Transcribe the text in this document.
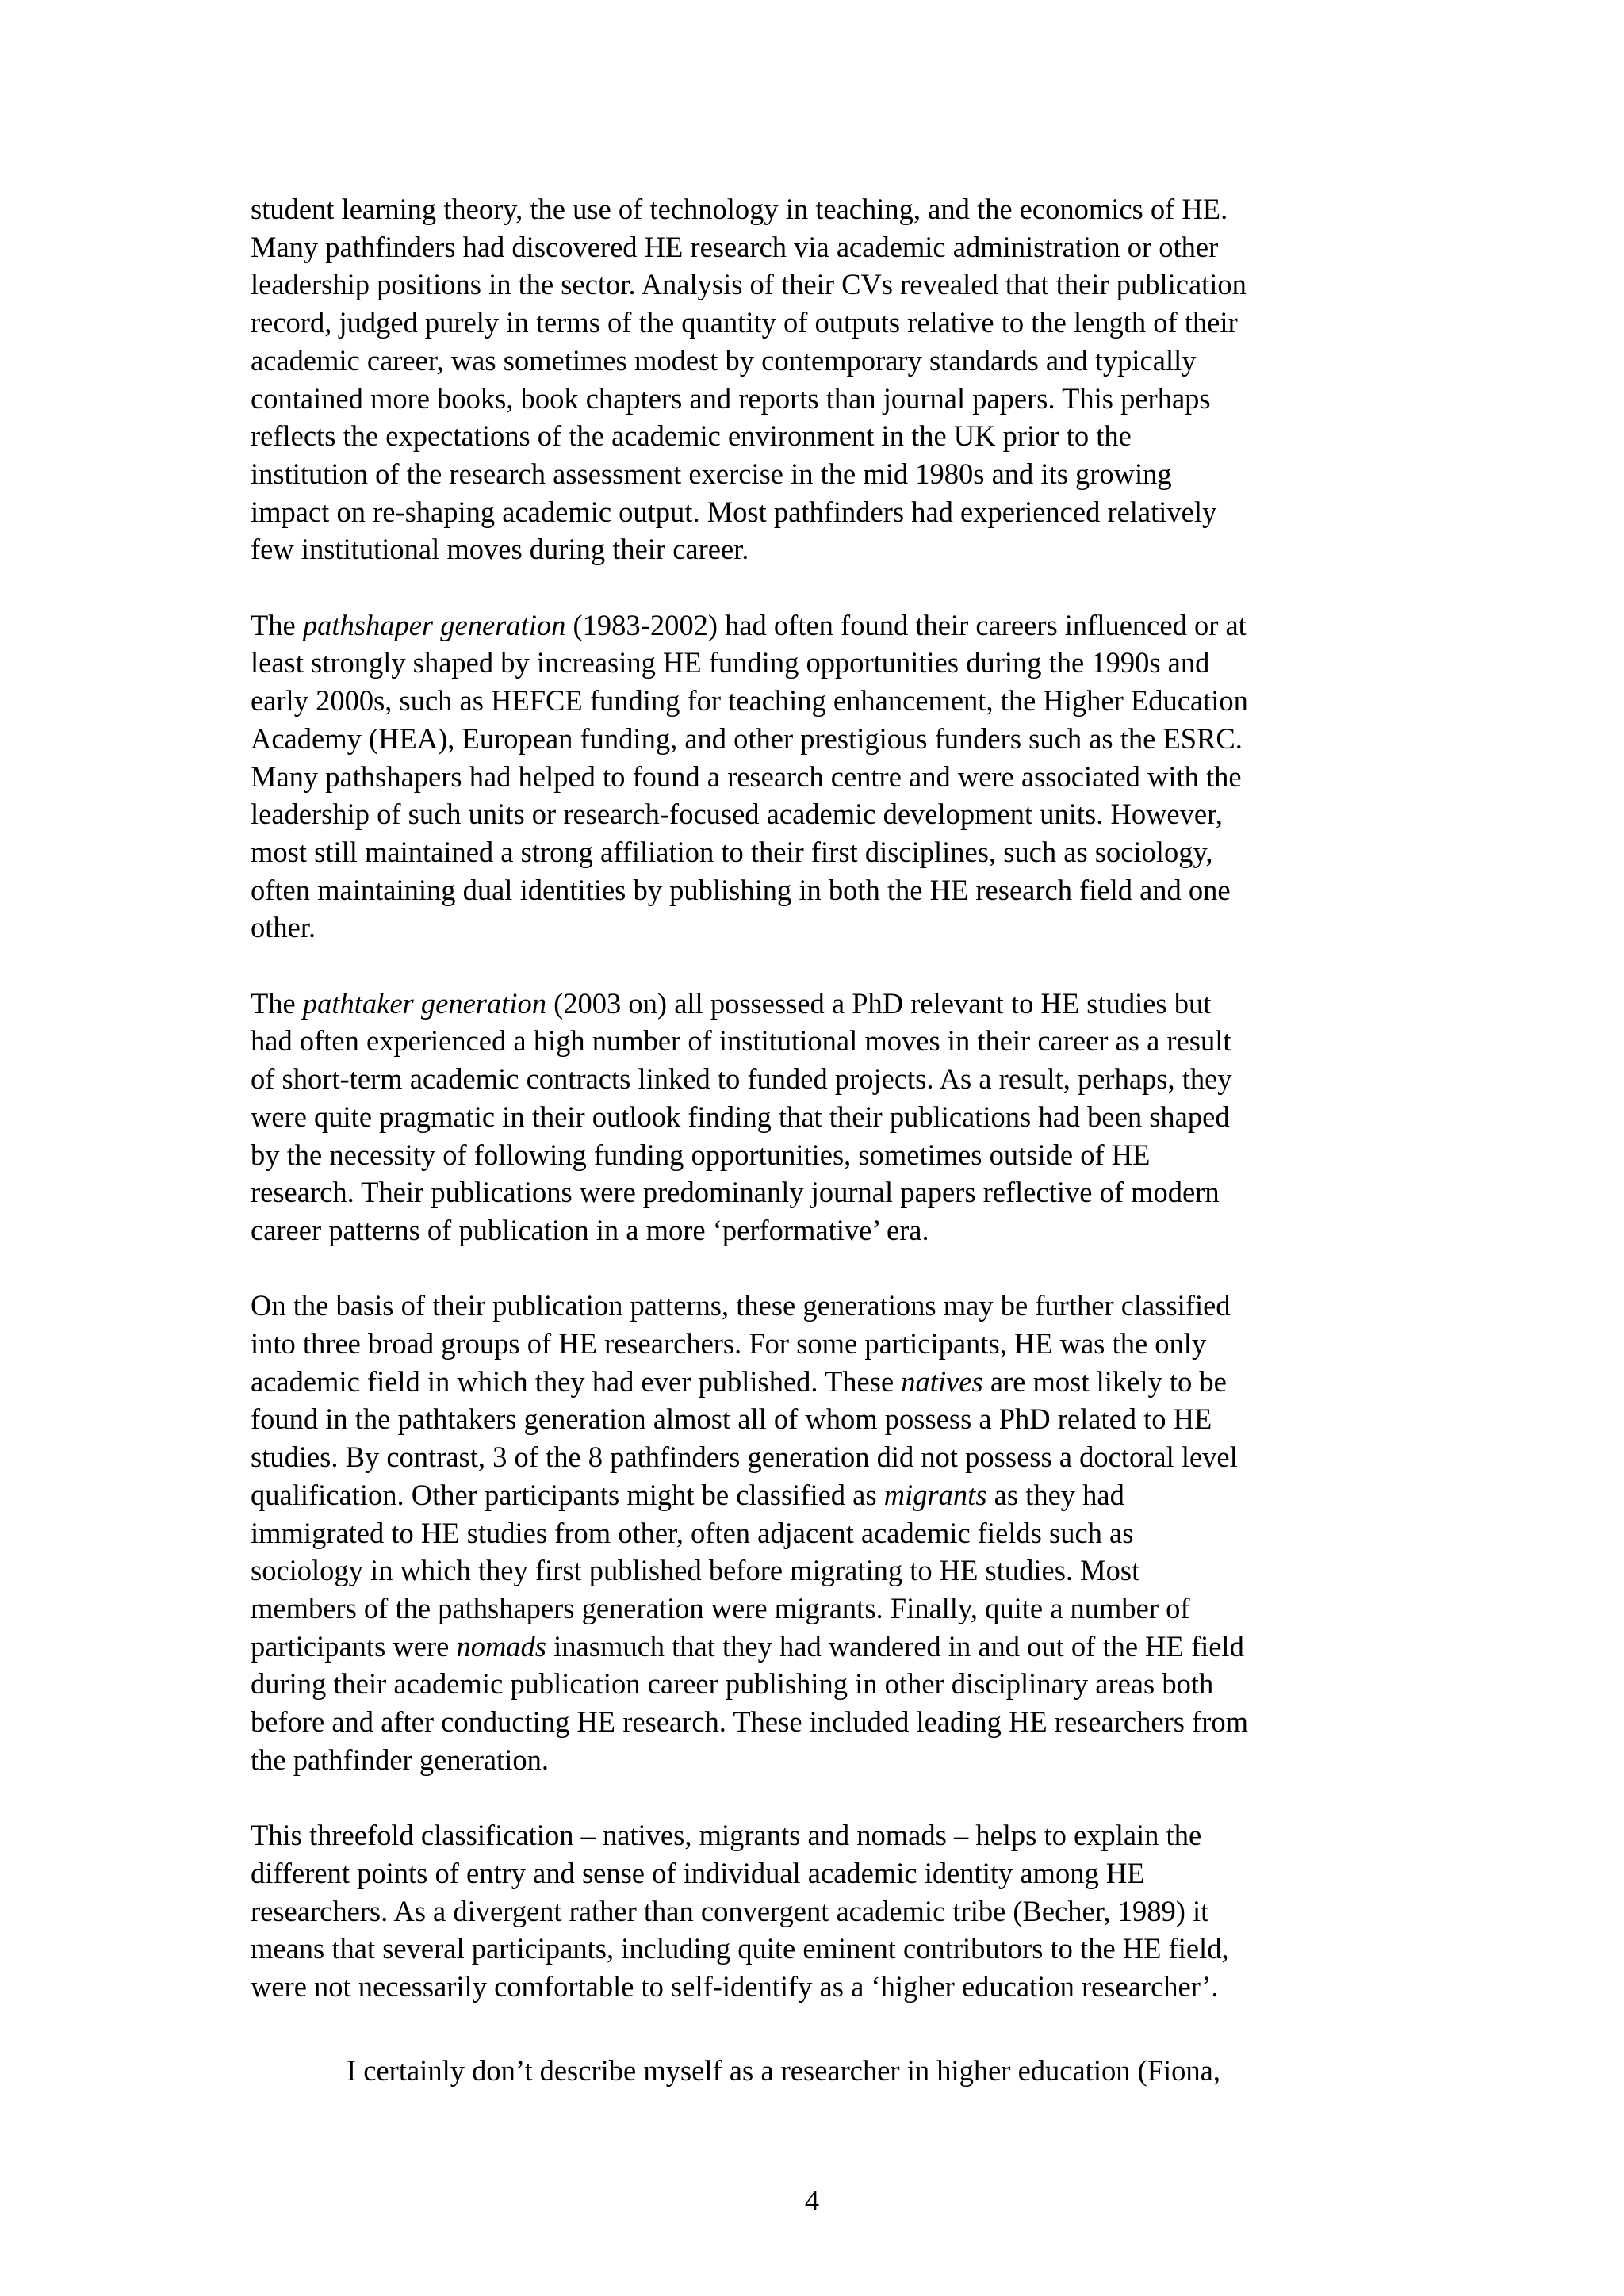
student learning theory, the use of technology in teaching, and the economics of HE.
Many pathfinders had discovered HE research via academic administration or other
leadership positions in the sector. Analysis of their CVs revealed that their publication
record, judged purely in terms of the quantity of outputs relative to the length of their
academic career, was sometimes modest by contemporary standards and typically
contained more books, book chapters and reports than journal papers. This perhaps
reflects the expectations of the academic environment in the UK prior to the
institution of the research assessment exercise in the mid 1980s and its growing
impact on re-shaping academic output. Most pathfinders had experienced relatively
few institutional moves during their career.

The pathshaper generation (1983-2002) had often found their careers influenced or at
least strongly shaped by increasing HE funding opportunities during the 1990s and
early 2000s, such as HEFCE funding for teaching enhancement, the Higher Education
Academy (HEA), European funding, and other prestigious funders such as the ESRC.
Many pathshapers had helped to found a research centre and were associated with the
leadership of such units or research-focused academic development units. However,
most still maintained a strong affiliation to their first disciplines, such as sociology,
often maintaining dual identities by publishing in both the HE research field and one
other.

The pathtaker generation (2003 on) all possessed a PhD relevant to HE studies but
had often experienced a high number of institutional moves in their career as a result
of short-term academic contracts linked to funded projects. As a result, perhaps, they
were quite pragmatic in their outlook finding that their publications had been shaped
by the necessity of following funding opportunities, sometimes outside of HE
research. Their publications were predominanly journal papers reflective of modern
career patterns of publication in a more ‘performative’ era.

On the basis of their publication patterns, these generations may be further classified
into three broad groups of HE researchers. For some participants, HE was the only
academic field in which they had ever published. These natives are most likely to be
found in the pathtakers generation almost all of whom possess a PhD related to HE
studies. By contrast, 3 of the 8 pathfinders generation did not possess a doctoral level
qualification. Other participants might be classified as migrants as they had
immigrated to HE studies from other, often adjacent academic fields such as
sociology in which they first published before migrating to HE studies. Most
members of the pathshapers generation were migrants. Finally, quite a number of
participants were nomads inasmuch that they had wandered in and out of the HE field
during their academic publication career publishing in other disciplinary areas both
before and after conducting HE research. These included leading HE researchers from
the pathfinder generation.

This threefold classification – natives, migrants and nomads – helps to explain the
different points of entry and sense of individual academic identity among HE
researchers. As a divergent rather than convergent academic tribe (Becher, 1989) it
means that several participants, including quite eminent contributors to the HE field,
were not necessarily comfortable to self-identify as a ‘higher education researcher’.

I certainly don’t describe myself as a researcher in higher education (Fiona,
4
